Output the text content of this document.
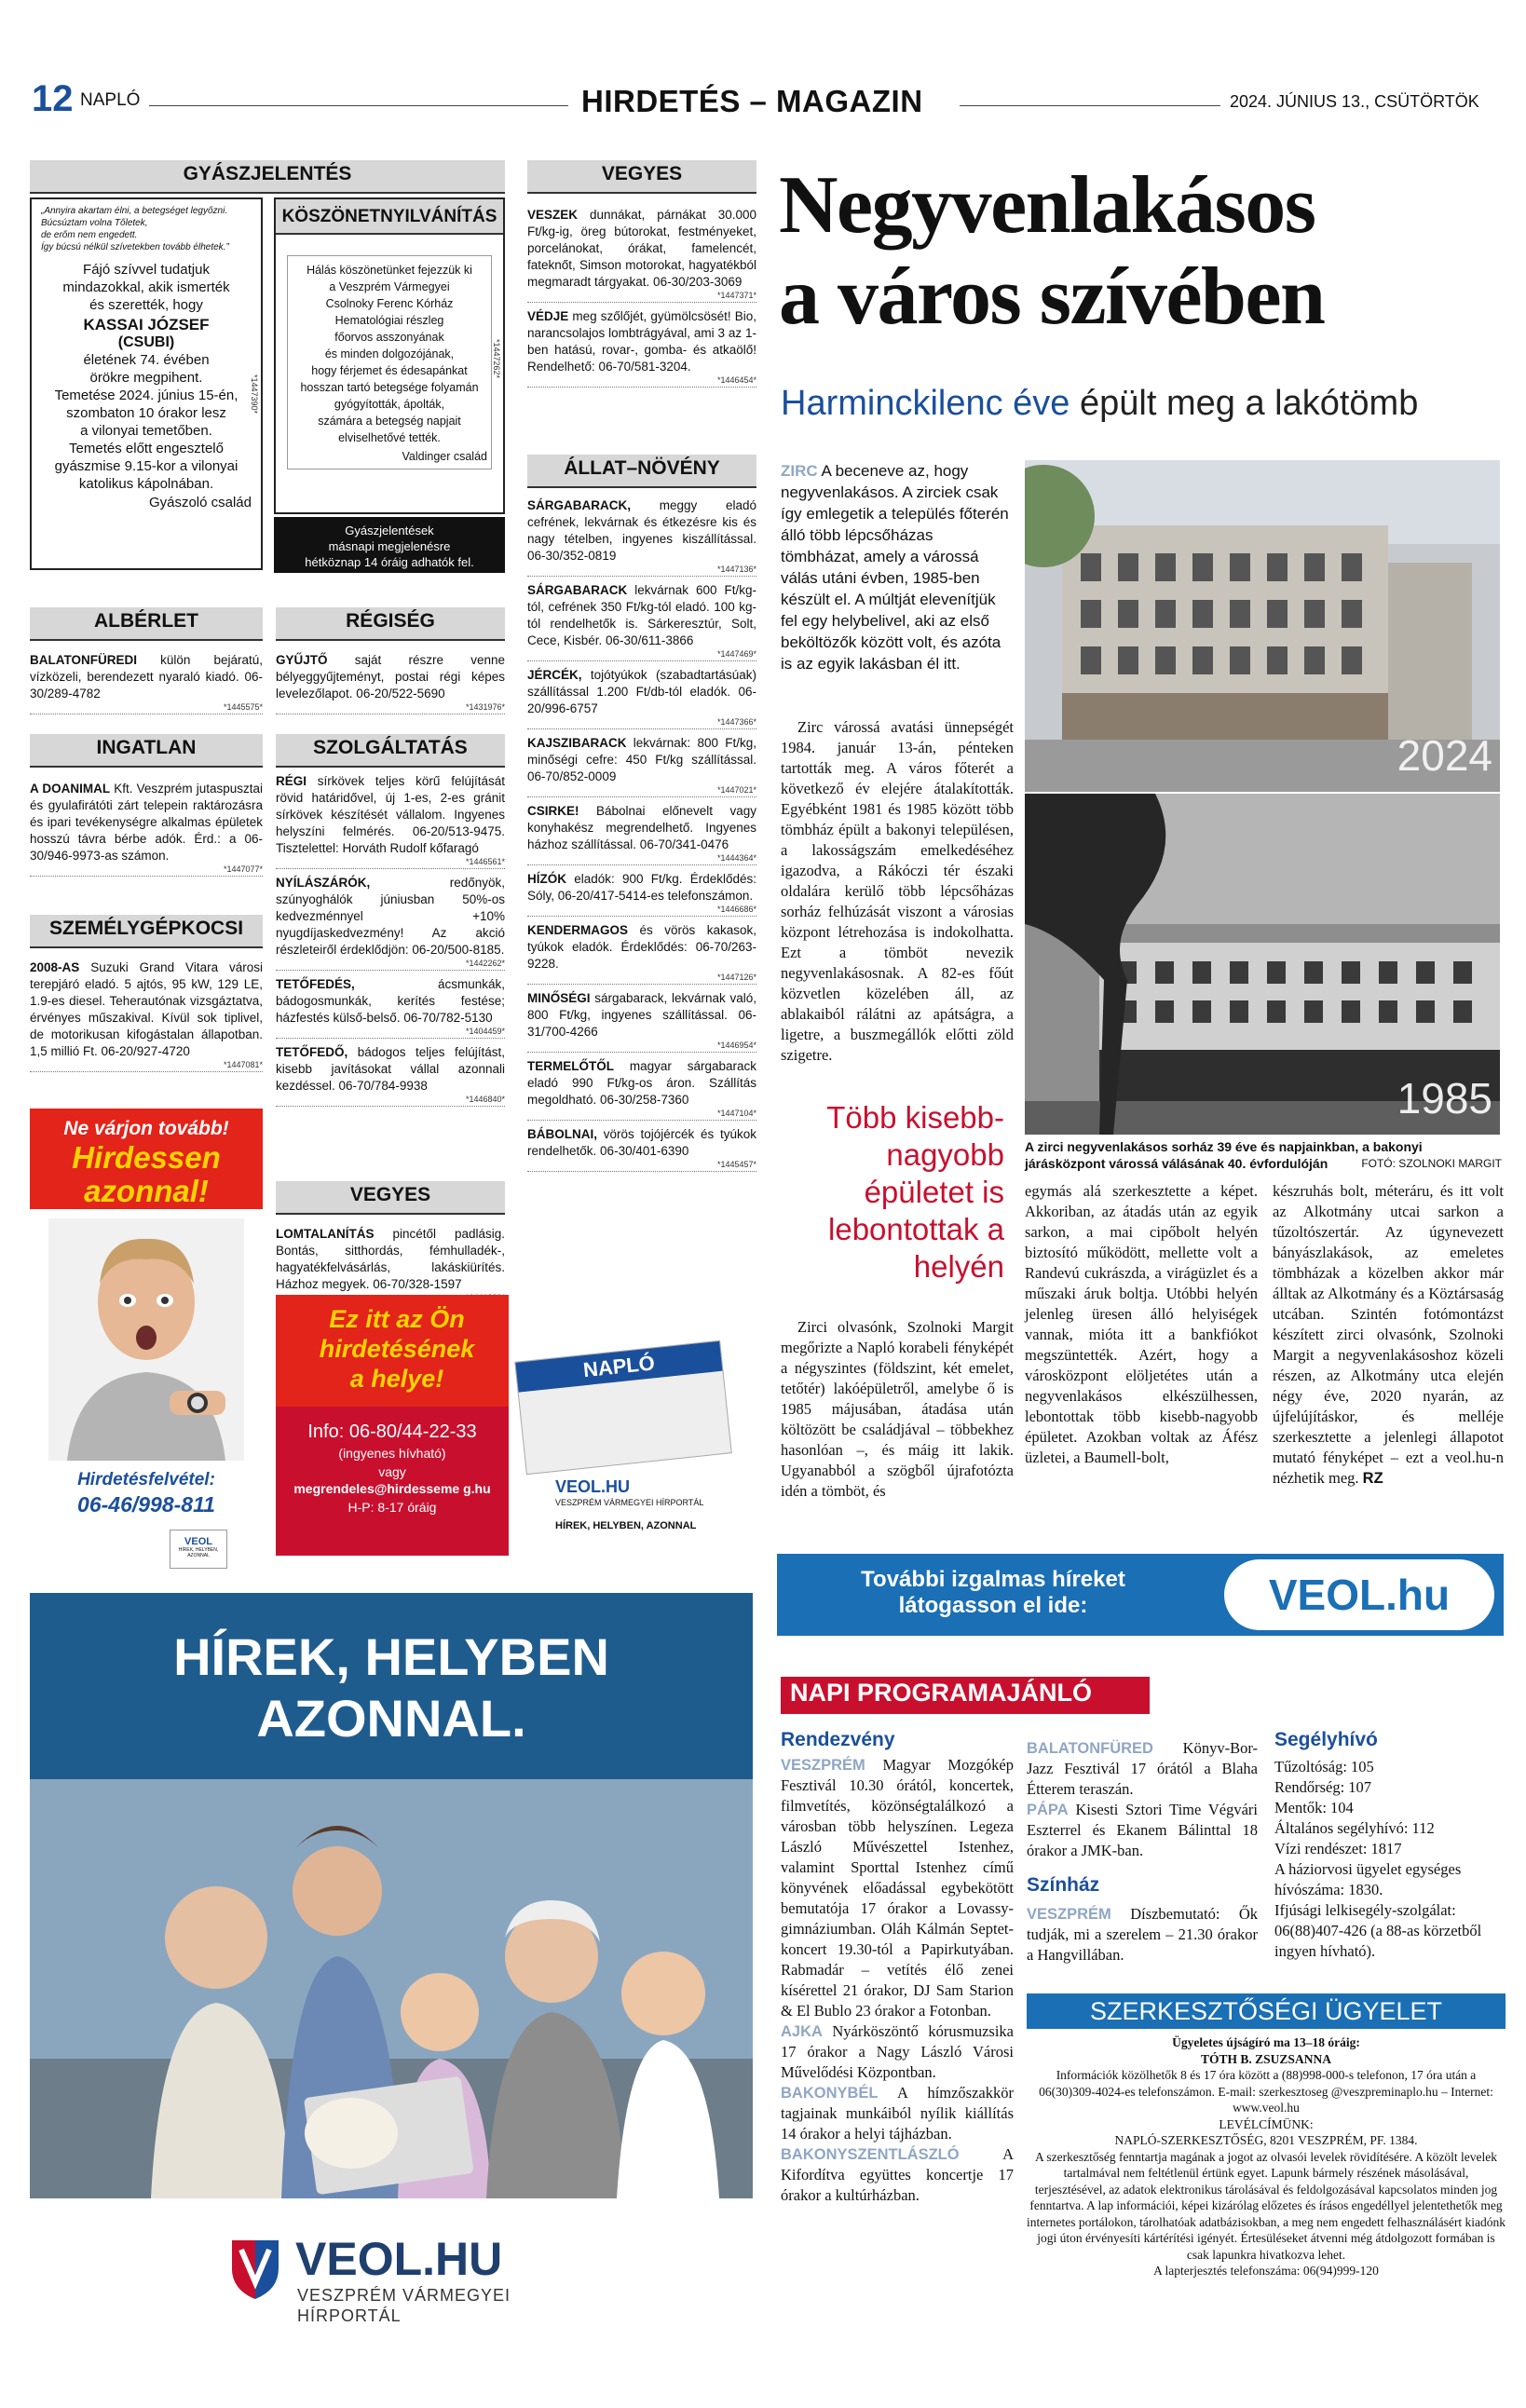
12 NAPLÓ	HIRDETÉS – MAGAZIN	2024. JÚNIUS 13., CSÜTÖRTÖK
GYÁSZJELENTÉS
„Annyira akartam élni, a betegséget legyőzni.
Búcsúztam volna Tőletek,
de erőm nem engedett.
Így búcsú nélkül szívetekben tovább élhetek.”
Fájó szívvel tudatjuk
mindazokkal, akik ismerték
és szerették, hogy
KASSAI JÓZSEF
(CSUBI)
életének 74. évében
örökre megpihent.
Temetése 2024. június 15-én,
szombaton 10 órakor lesz
a vilonyai temetőben.
Temetés előtt engesztelő
gyászmise 9.15-kor a vilonyai
katolikus kápolnában.
Gyászoló család
*1447390*
KÖSZÖNETNYILVÁNÍTÁS
Hálás köszönetünket fejezzük ki
a Veszprém Vármegyei
Csolnoky Ferenc Kórház
Hematológiai részleg
főorvos asszonyának
és minden dolgozójának,
hogy férjemet és édesapánkat
hosszan tartó betegsége folyamán
gyógyították, ápolták,
számára a betegség napjait
elviselhetővé tették.
Valdinger család
*1447262*
Gyászjelentések
másnapi megjelenésre
hétköznap 14 óráig adhatók fel.
ALBÉRLET
BALATONFÜREDI külön bejáratú, vízközeli, berendezett nyaraló kiadó. 06-30/289-4782
*1445575*
INGATLAN
A DOANIMAL Kft. Veszprém jutaspusztai és gyulafirátóti zárt telepein raktározásra és ipari tevékenységre alkalmas épületek hosszú távra bérbe adók. Érd.: a 06-30/946-9973-as számon.
*1447077*
SZEMÉLYGÉPKOCSI
2008-AS Suzuki Grand Vitara városi terepjáró eladó. 5 ajtós, 95 kW, 129 LE, 1.9-es diesel. Teherautónak vizsgáztatva, érvényes műszakival. Kívül sok tiplivel, de motorikusan kifogástalan állapotban. 1,5 millió Ft. 06-20/927-4720
*1447081*
RÉGISÉG
GYŰJTŐ saját részre venne bélyeggyűjteményt, postai régi képes levelezőlapot. 06-20/522-5690
*1431976*
SZOLGÁLTATÁS
RÉGI sírkövek teljes körű felújítását rövid határidővel, új 1-es, 2-es gránit sírkövek készítését vállalom. Ingyenes helyszíni felmérés. 06-20/513-9475. Tisztelettel: Horváth Rudolf kőfaragó
*1446561*
NYÍLÁSZÁRÓK, redőnyök, szúnyoghálók júniusban 50%-os kedvezménnyel +10% nyugdíjaskedvezmény! Az akció részleteiről érdeklődjön: 06-20/500-8185.
*1442262*
TETŐFEDÉS, ácsmunkák, bádogosmunkák, kerítés festése; házfestés külső-belső. 06-70/782-5130
*1404459*
TETŐFEDŐ, bádogos teljes felújítást, kisebb javításokat vállal azonnali kezdéssel. 06-70/784-9938
*1446840*
VEGYES
LOMTALANÍTÁS pincétől padlásig. Bontás, sitthordás, fémhulladék-, hagyatékfelvásárlás, lakáskiürítés. Házhoz megyek. 06-70/328-1597
VEGYES
VESZEK dunnákat, párnákat 30.000 Ft/kg-ig, öreg bútorokat, festményeket, porcelánokat, órákat, famelencét, fateknőt, Simson motorokat, hagyatékból megmaradt tárgyakat. 06-30/203-3069
*1447371*
VÉDJE meg szőlőjét, gyümölcsösét! Bio, narancsolajos lombtrágyával, ami 3 az 1-ben hatású, rovar-, gomba- és atkaölő! Rendelhető: 06-70/581-3204.
*1446454*
ÁLLAT–NÖVÉNY
SÁRGABARACK, meggy eladó cefrének, lekvárnak és étkezésre kis és nagy tételben, ingyenes kiszállítással. 06-30/352-0819
*1447136*
SÁRGABARACK lekvárnak 600 Ft/kg-tól, cefrének 350 Ft/kg-tól eladó. 100 kg-tól rendelhetők is. Sárkeresztúr, Solt, Cece, Kisbér. 06-30/611-3866
*1447469*
JÉRCÉK, tojótyúkok (szabadtartásúak) szállítással 1.200 Ft/db-tól eladók. 06-20/996-6757
*1447366*
KAJSZIBARACK lekvárnak: 800 Ft/kg, minőségi cefre: 450 Ft/kg szállítással. 06-70/852-0009
*1447021*
CSIRKE! Bábolnai előnevelt vagy konyhakész megrendelhető. Ingyenes házhoz szállítással. 06-70/341-0476
*1444364*
HÍZÓK eladók: 900 Ft/kg. Érdeklődés: Sóly, 06-20/417-5414-es telefonszámon.
*1446686*
KENDERMAGOS és vörös kakasok, tyúkok eladók. Érdeklődés: 06-70/263-9228.
*1447126*
MINŐSÉGI sárgabarack, lekvárnak való, 800 Ft/kg, ingyenes szállítással. 06-31/700-4266
*1446954*
TERMELŐTŐL magyar sárgabarack eladó 990 Ft/kg-os áron. Szállítás megoldható. 06-30/258-7360
*1447104*
BÁBOLNAI, vörös tojójércék és tyúkok rendelhetők. 06-30/401-6390
*1445457*
Ne várjon tovább!
Hirdessen
azonnal!
Hirdetésfelvétel:
06-46/998-811
VEOL
HÍREK, HELYBEN, AZONNAL
Ez itt az Ön
hirdetésének
a helye!
Info: 06-80/44-22-33
(ingyenes hívható)
vagy
megrendeles@hirdesseme g.hu
H-P: 8-17 óráig
NAPLÓ
VEOL.HU
VESZPRÉM VÁRMEGYEI HÍRPORTÁL
HÍREK, HELYBEN, AZONNAL
HÍREK, HELYBEN
AZONNAL.
VEOL.HU
VESZPRÉM VÁRMEGYEI
HÍRPORTÁL
Negyvenlakásos
a város szívében
Harminckilenc éve épült meg a lakótömb
ZIRC A beceneve az, hogy negyvenlakásos. A zirciek csak így emlegetik a település főterén álló több lépcsőházas tömbházat, amely a várossá válás utáni évben, 1985-ben készült el. A múltját elevenítjük fel egy helybelivel, aki az első beköltözők között volt, és azóta is az egyik lakásban él itt.
Zirc várossá avatási ünnepségét 1984. január 13-án, pénteken tartották meg. A város főterét a következő év elejére átalakították. Egyébként 1981 és 1985 között több tömbház épült a bakonyi településen, a lakosságszám emelkedéséhez igazodva, a Rákóczi tér északi oldalára kerülő több lépcsőházas sorház felhúzását viszont a városias központ létrehozása is indokolhatta. Ezt a tömböt nevezik negyvenlakásosnak. A 82-es főút közvetlen közelében áll, az ablakaiból rálátni az apátságra, a ligetre, a buszmegállók előtti zöld szigetre.
Több kisebb-nagyobb épületet is lebontottak a helyén
Zirci olvasónk, Szolnoki Margit megőrizte a Napló korabeli fényképét a négyszintes (földszint, két emelet, tetőtér) lakóépületről, amelybe ő is 1985 májusában, átadása után költözött be családjával – többekhez hasonlóan –, és máig itt lakik. Ugyanabból a szögből újrafotózta idén a tömböt, és
2024
1985
A zirci negyvenlakásos sorház 39 éve és napjainkban, a bakonyi járásközpont várossá válásának 40. évfordulóján	FOTÓ: SZOLNOKI MARGIT
egymás alá szerkesztette a képet. Akkoriban, az átadás után az egyik sarkon, a mai cipőbolt helyén biztosító működött, mellette volt a Randevú cukrászda, a virágüzlet és a műszaki áruk boltja. Utóbbi helyén jelenleg üresen álló helyiségek vannak, mióta itt a bankfiókot megszüntették. Azért, hogy a városközpont elöljetétes után a negyvenlakásos elkészülhessen, lebontottak több kisebb-nagyobb épületet. Azokban voltak az Áfész üzletei, a Baumell-bolt,
készruhás bolt, méteráru, és itt volt az Alkotmány utcai sarkon a tűzoltószertár. Az úgynevezett bányászlakások, az emeletes tömbházak a közelben akkor már álltak az Alkotmány és a Köztársaság utcában. Szintén fotómontázst készített zirci olvasónk, Szolnoki Margit a negyvenlakásoshoz közeli részen, az Alkotmány utca elején négy éve, 2020 nyarán, az újfelújításkor, és melléje szerkesztette a jelenlegi állapotot mutató fényképet – ezt a veol.hu-n nézhetik meg. RZ
További izgalmas híreket
látogasson el ide:	VEOL.hu
NAPI PROGRAMAJÁNLÓ
Rendezvény
VESZPRÉM Magyar Mozgókép Fesztivál 10.30 órától, koncertek, filmvetítés, közönségtalálkozó a városban több helyszínen. Legeza László Művészettel Istenhez, valamint Sporttal Istenhez című könyvének előadással egybekötött bemutatója 17 órakor a Lovassy-gimnáziumban. Oláh Kálmán Septet-koncert 19.30-tól a Papirkutyában. Rabmadár – vetítés élő zenei kísérettel 21 órakor, DJ Sam Starion & El Bublo 23 órakor a Fotonban.
AJKA Nyárköszöntő kórusmuzsika 17 órakor a Nagy László Városi Művelődési Központban.
BAKONYBÉL A hímzőszakkör tagjainak munkáiból nyílik kiállítás 14 órakor a helyi tájházban.
BAKONYSZENTLÁSZLÓ A Kifordítva együttes koncertje 17 órakor a kultúrházban.
BALATONFÜRED Könyv-Bor-Jazz Fesztivál 17 órától a Blaha Étterem teraszán.
PÁPA Kisesti Sztori Time Végvári Eszterrel és Ekanem Bálinttal 18 órakor a JMK-ban.
Színház
VESZPRÉM Díszbemutató: Ők tudják, mi a szerelem – 21.30 órakor a Hangvillában.
Segélyhívó
Tűzoltóság: 105
Rendőrség: 107
Mentők: 104
Általános segélyhívó: 112
Vízi rendészet: 1817
A háziorvosi ügyelet egységes hívószáma: 1830.
Ifjúsági lelkisegély-szolgálat: 06(88)407-426 (a 88-as körzetből ingyen hívható).
SZERKESZTŐSÉGI ÜGYELET
Ügyeletes újságíró ma 13–18 óráig:
TÓTH B. ZSUZSANNA
Információk közölhetők 8 és 17 óra között a (88)998-000-s telefonon, 17 óra után a 06(30)309-4024-es telefonszámon. E-mail: szerkesztoseg @veszpreminaplo.hu – Internet: www.veol.hu
LEVÉLCÍMÜNK:
NAPLÓ-SZERKESZTŐSÉG, 8201 VESZPRÉM, PF. 1384.
A szerkesztőség fenntartja magának a jogot az olvasói levelek rövidítésére. A közölt levelek tartalmával nem feltétlenül értünk egyet. Lapunk bármely részének másolásával, terjesztésével, az adatok elektronikus tárolásával és feldolgozásával kapcsolatos minden jog fenntartva. A lap információi, képei kizárólag előzetes és írásos engedéllyel jelentethetők meg internetes portálokon, tárolhatóak adatbázisokban, a meg nem engedett felhasználásért kiadónk jogi úton érvényesíti kártérítési igényét. Értesüléseket átvenni még átdolgozott formában is csak lapunkra hivatkozva lehet.
A lapterjesztés telefonszáma: 06(94)999-120
